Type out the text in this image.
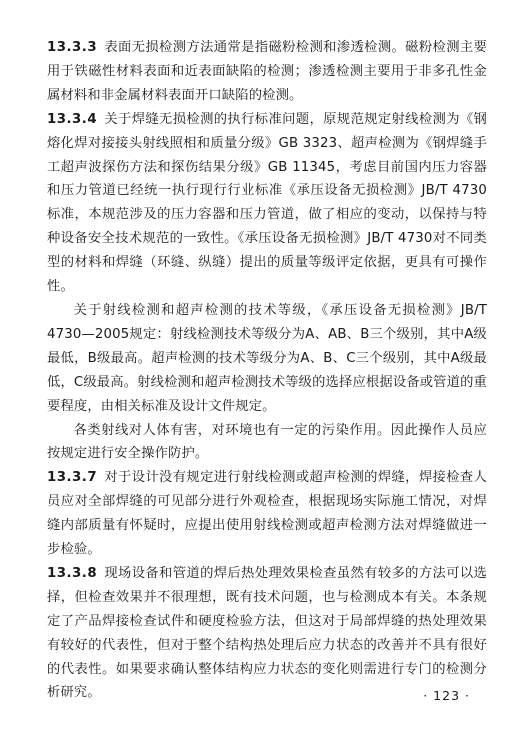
13.3.3 表面无损检测方法通常是指磁粉检测和渗透检测。磁粉检测主要用于铁磁性材料表面和近表面缺陷的检测；渗透检测主要用于非多孔性金属材料和非金属材料表面开口缺陷的检测。

13.3.4 关于焊缝无损检测的执行标准问题，原规范规定射线检测为《钢熔化焊对接接头射线照相和质量分级》GB 3323、超声检测为《钢焊缝手工超声波探伤方法和探伤结果分级》GB 11345，考虑目前国内压力容器和压力管道已经统一执行现行行业标准《承压设备无损检测》JB/T 4730标准，本规范涉及的压力容器和压力管道，做了相应的变动，以保持与特种设备安全技术规范的一致性。《承压设备无损检测》JB/T 4730对不同类型的材料和焊缝（环缝、纵缝）提出的质量等级评定依据，更具有可操作性。

关于射线检测和超声检测的技术等级，《承压设备无损检测》JB/T 4730—2005规定：射线检测技术等级分为A、AB、B三个级别，其中A级最低，B级最高。超声检测的技术等级分为A、B、C三个级别，其中A级最低，C级最高。射线检测和超声检测技术等级的选择应根据设备或管道的重要程度，由相关标准及设计文件规定。

各类射线对人体有害，对环境也有一定的污染作用。因此操作人员应按规定进行安全操作防护。

13.3.7 对于设计没有规定进行射线检测或超声检测的焊缝，焊接检查人员应对全部焊缝的可见部分进行外观检查，根据现场实际施工情况，对焊缝内部质量有怀疑时，应提出使用射线检测或超声检测方法对焊缝做进一步检验。

13.3.8 现场设备和管道的焊后热处理效果检查虽然有较多的方法可以选择，但检查效果并不很理想，既有技术问题，也与检测成本有关。本条规定了产品焊接检查试件和硬度检验方法，但这对于局部焊缝的热处理效果有较好的代表性，但对于整个结构热处理后应力状态的改善并不具有很好的代表性。如果要求确认整体结构应力状态的变化则需进行专门的检测分析研究。	· 123 ·
